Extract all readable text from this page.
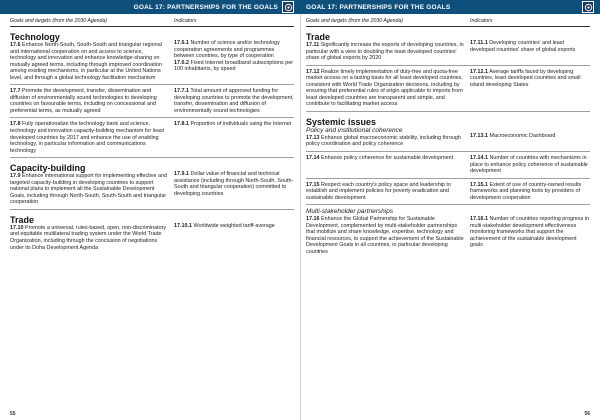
GOAL 17: PARTNERSHIPS FOR THE GOALS
Goals and targets (from the 2030 Agenda)	Indicators
Technology
17.6 Enhance North-South, South-South and triangular regional and international cooperation on and access to science, technology and innovation and enhance knowledge-sharing on mutually agreed terms, including through improved coordination among existing mechanisms, in particular at the United Nations level, and through a global technology facilitation mechanism
17.6.1 Number of science and/or technology cooperation agreements and programmes between countries, by type of cooperation
17.6.2 Fixed Internet broadband subscriptions per 100 inhabitants, by speed
17.7 Promote the development, transfer, dissemination and diffusion of environmentally sound technologies to developing countries on favourable terms, including on concessional and preferential terms, as mutually agreed
17.7.1 Total amount of approved funding for developing countries to promote the development, transfer, dissemination and diffusion of environmentally sound technologies
17.8 Fully operationalize the technology bank and science, technology and innovation capacity-building mechanism for least developed countries by 2017 and enhance the use of enabling technology, in particular information and communications technology
17.8.1 Proportion of individuals using the Internet
Capacity-building
17.9 Enhance international support for implementing effective and targeted capacity-building in developing countries to support national plans to implement all the Sustainable Development Goals, including through North-South, South-South and triangular cooperation
17.9.1 Dollar value of financial and technical assistance (including through North-South, South-South and triangular cooperation) committed to developing countries
Trade
17.10 Promote a universal, rules-based, open, non-discriminatory and equitable multilateral trading system under the World Trade Organization, including through the conclusion of negotiations under its Doha Development Agenda
17.10.1 Worldwide weighted tariff-average
55
GOAL 17: PARTNERSHIPS FOR THE GOALS
Goals and targets (from the 2030 Agenda)	Indicators
Trade
17.11 Significantly increase the exports of developing countries, in particular with a view to doubling the least developed countries' share of global exports by 2020
17.11.1 Developing countries' and least developed countries' share of global exports
17.12 Realize timely implementation of duty-free and quota-free market access on a lasting basis for all least developed countries, consistent with World Trade Organization decisions, including by ensuring that preferential rules of origin applicable to imports from least developed countries are transparent and simple, and contribute to facilitating market access
17.12.1 Average tariffs faced by developing countries, least developed countries and small island developing States
Systemic issues
Policy and institutional coherence
17.13 Enhance global macroeconomic stability, including through policy coordination and policy coherence
17.13.1 Macroeconomic Dashboard
17.14 Enhance policy coherence for sustainable development	17.14.1 Number of countries with mechanisms in place to enhance policy coherence of sustainable development
17.15 Respect each country's policy space and leadership to establish and implement policies for poverty eradication and sustainable development
17.15.1 Extent of use of country-owned results frameworks and planning tools by providers of development cooperation
Multi-stakeholder partnerships
17.16 Enhance the Global Partnership for Sustainable Development, complemented by multi-stakeholder partnerships that mobilize and share knowledge, expertise, technology and financial resources, to support the achievement of the Sustainable Development Goals in all countries, in particular developing countries
17.16.1 Number of countries reporting progress in multi-stakeholder development effectiveness monitoring frameworks that support the achievement of the sustainable development goals
56
